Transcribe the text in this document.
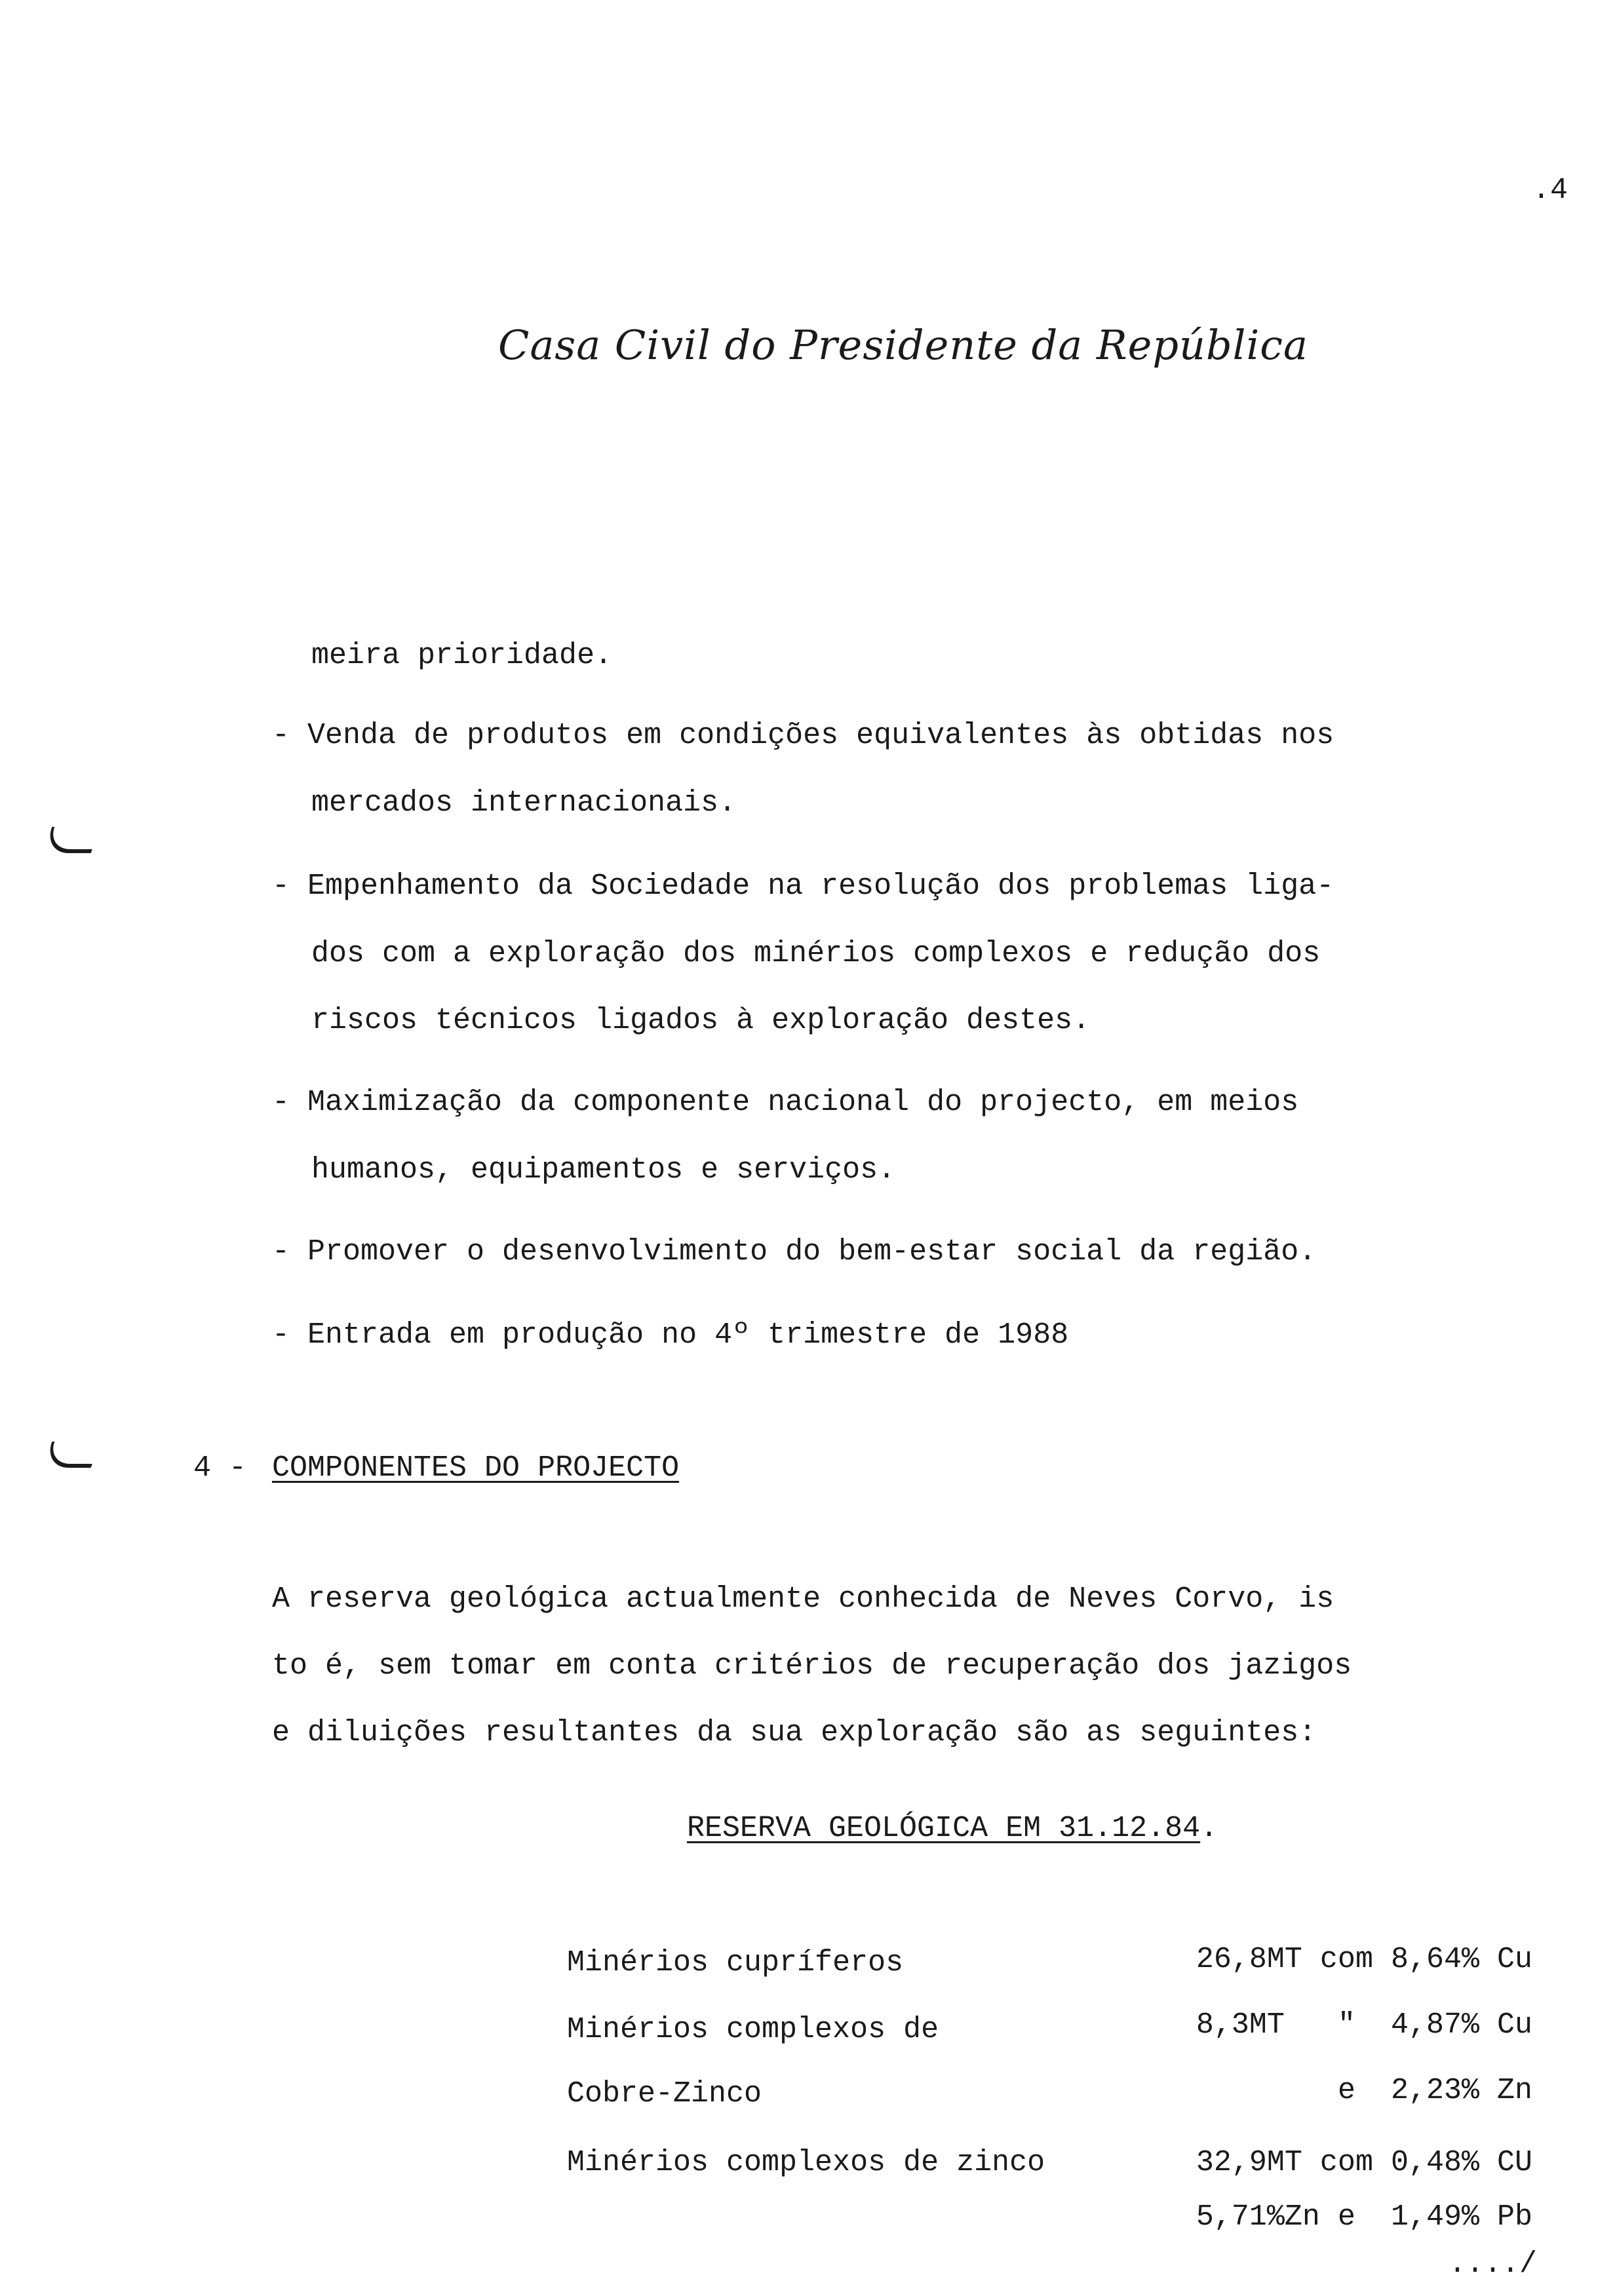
.4
Casa Civil do Presidente da República
meira prioridade.
- Venda de produtos em condições equivalentes às obtidas nos
mercados internacionais.
- Empenhamento da Sociedade na resolução dos problemas liga-
dos com a exploração dos minérios complexos e redução dos
riscos técnicos ligados à exploração destes.
- Maximização da componente nacional do projecto, em meios
humanos, equipamentos e serviços.
- Promover o desenvolvimento do bem-estar social da região.
- Entrada em produção no 4º trimestre de 1988
4 - COMPONENTES DO PROJECTO
A reserva geológica actualmente conhecida de Neves Corvo, is
to é, sem tomar em conta critérios de recuperação dos jazigos
e diluições resultantes da sua exploração são as seguintes:
RESERVA GEOLÓGICA EM 31.12.84.
Minérios cupríferos	26,8MT com 8,64% Cu
Minérios complexos de	8,3MT   "  4,87% Cu
Cobre-Zinco	e  2,23% Zn
Minérios complexos de zinco	32,9MT com 0,48% CU
5,71%Zn e  1,49% Pb
..../
